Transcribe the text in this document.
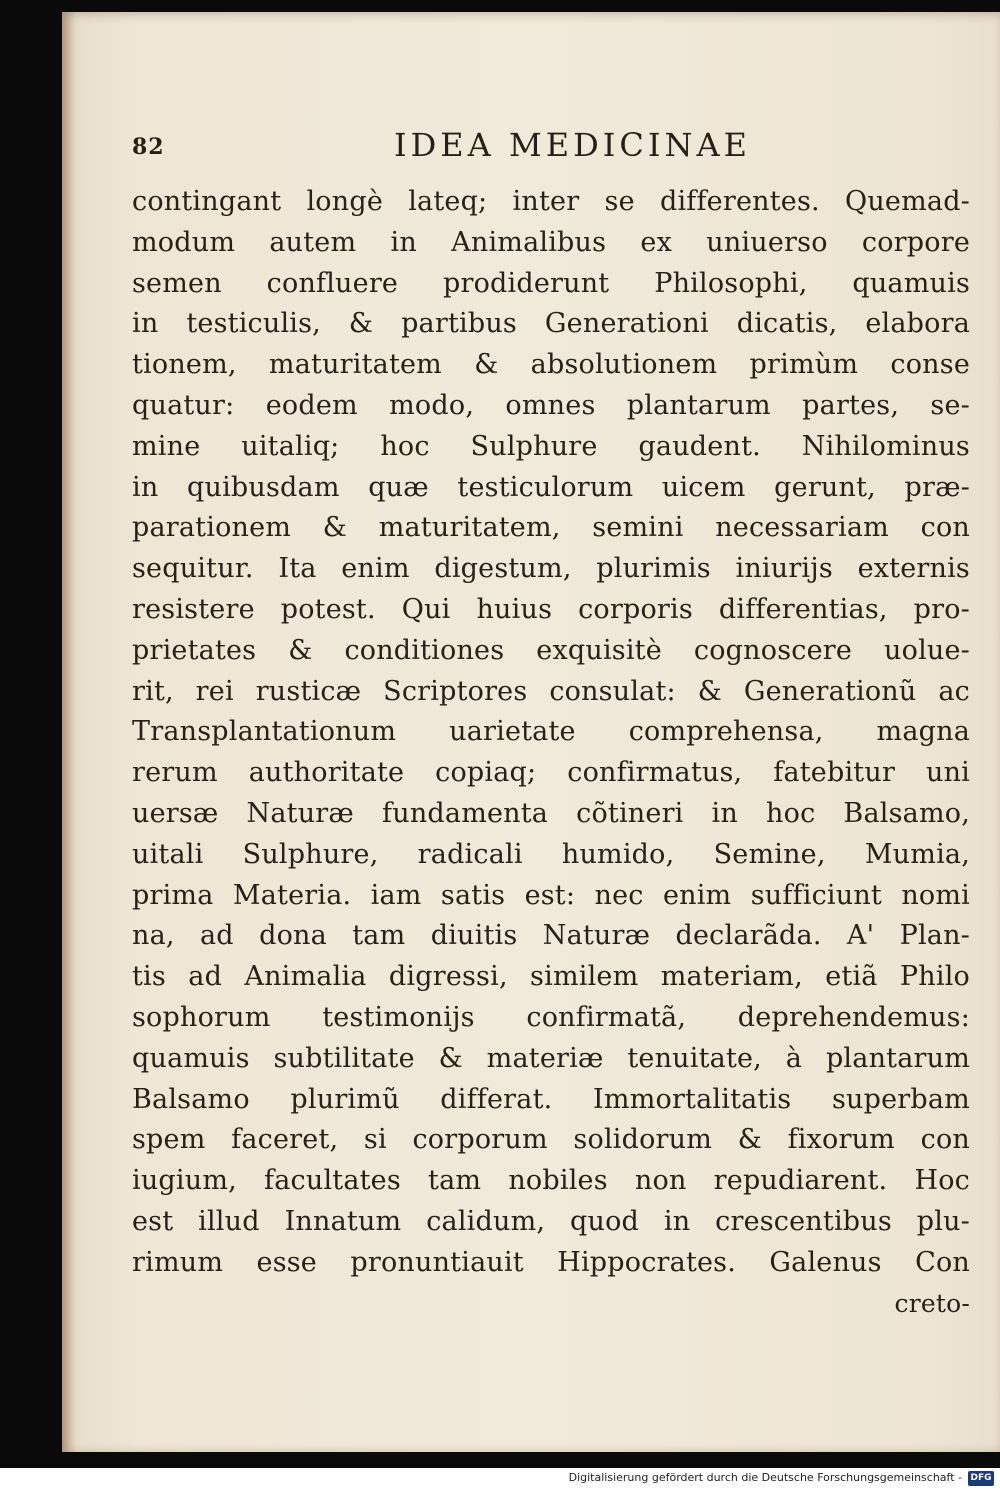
82	IDEA MEDICINAE
contingant longè lateq; inter se differentes. Quemad-
modum autem in Animalibus ex uniuerso corpore
semen confluere prodiderunt Philosophi, quamuis
in testiculis, & partibus Generationi dicatis, elabora
tionem, maturitatem & absolutionem primùm conse
quatur: eodem modo, omnes plantarum partes, se-
mine uitaliq; hoc Sulphure gaudent. Nihilominus
in quibusdam quæ testiculorum uicem gerunt, præ-
parationem & maturitatem, semini necessariam con
sequitur. Ita enim digestum, plurimis iniurijs externis
resistere potest. Qui huius corporis differentias, pro-
prietates & conditiones exquisitè cognoscere uolue-
rit, rei rusticæ Scriptores consulat: & Generationũ ac
Transplantationum uarietate comprehensa, magna
rerum authoritate copiaq; confirmatus, fatebitur uni
uersæ Naturæ fundamenta cõtineri in hoc Balsamo,
uitali Sulphure, radicali humido, Semine, Mumia,
prima Materia. iam satis est: nec enim sufficiunt nomi
na, ad dona tam diuitis Naturæ declarãda. A' Plan-
tis ad Animalia digressi, similem materiam, etiã Philo
sophorum testimonijs confirmatã, deprehendemus:
quamuis subtilitate & materiæ tenuitate, à plantarum
Balsamo plurimũ differat. Immortalitatis superbam
spem faceret, si corporum solidorum & fixorum con
iugium, facultates tam nobiles non repudiarent. Hoc
est illud Innatum calidum, quod in crescentibus plu-
rimum esse pronuntiauit Hippocrates. Galenus Con
creto-
Digitalisierung gefördert durch die Deutsche Forschungsgemeinschaft - DFG
